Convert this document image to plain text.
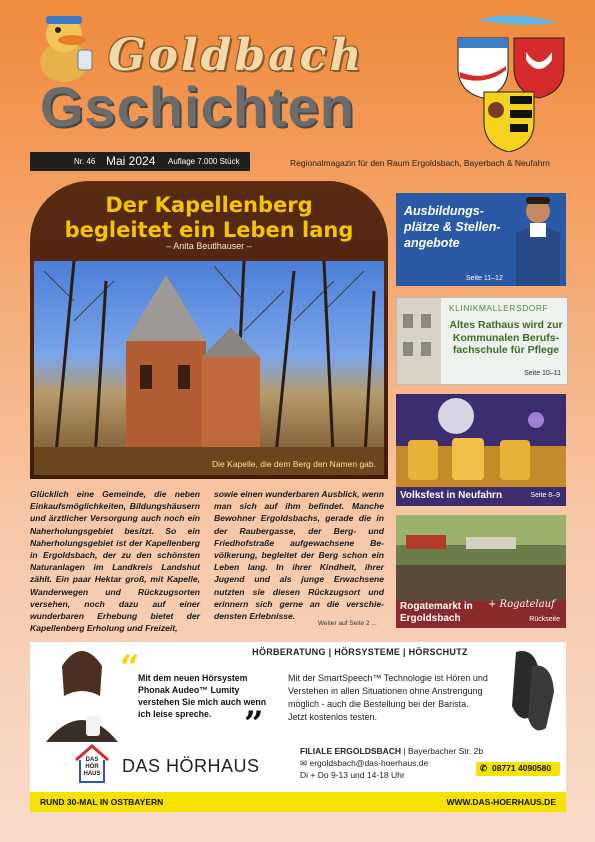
Goldbach
Gschichten
Nr. 46 Mai 2024 Auflage 7.000 Stück	Regionalmagazin für den Raum Ergoldsbach, Bayerbach & Neufahrn
Der Kapellenberg
begleitet ein Leben lang
– Anita Beutlhauser –
Die Kapelle, die dem Berg den Namen gab.
Glücklich eine Gemeinde, die neben Einkaufsmöglichkeiten, Bildungshäusern und ärztlicher Versorgung auch noch ein Naherholungsgebiet besitzt. So ein Naherholungsgebiet ist der Kapellenberg in Ergoldsbach, der zu den schönsten Naturanlagen im Landkreis Landshut zählt. Ein paar Hektar groß, mit Kapelle, Wanderwegen und Rückzugsorten versehen, noch dazu auf einer wunderbaren Erhebung bietet der Kapellenberg Erholung und Freizeit,
sowie einen wunderbaren Ausblick, wenn man sich auf ihm befindet. Manche Bewohner Ergoldsbachs, gerade die in der Raubergasse, der Berg- und Friedhofstraße aufgewachsene Bevölkerung, begleitet der Berg schon ein Leben lang. In ihrer Kindheit, ihrer Jugend und als junge Erwachsene nutzten sie diesen Rückzugsort und erinnern sich gerne an die verschiedensten Erlebnisse.
Weiter auf Seite 2 ...
Ausbildungsplätze & Stellenangebote
Seite 11–12
KLINIKMALLERSDORF
Altes Rathaus wird zur Kommunalen Berufsfachschule für Pflege
Seite 10–11
Volksfest in Neufahrn	Seite 8–9
Rogatemarkt in Ergoldsbach
+ Rogatelauf
Rückseite
HÖRBERATUNG | HÖRSYSTEME | HÖRSCHUTZ
“
Mit dem neuen Hörsystem Phonak Audeo™ Lumity verstehen Sie mich auch wenn ich leise spreche. ”
Mit der SmartSpeech™ Technologie ist Hören und Verstehen in allen Situationen ohne Anstrengung möglich - auch die Bestellung bei der Barista. Jetzt kostenlos testen.
DAS HÖR HAUS DAS HÖRHAUS
FILIALE ERGOLDSBACH | Bayerbacher Str. 2b
✉ ergoldsbach@das-hoerhaus.de
Di + Do 9-13 und 14-18 Uhr
✆ 08771 4090580
RUND 30-MAL IN OSTBAYERN	WWW.DAS-HOERHAUS.DE
